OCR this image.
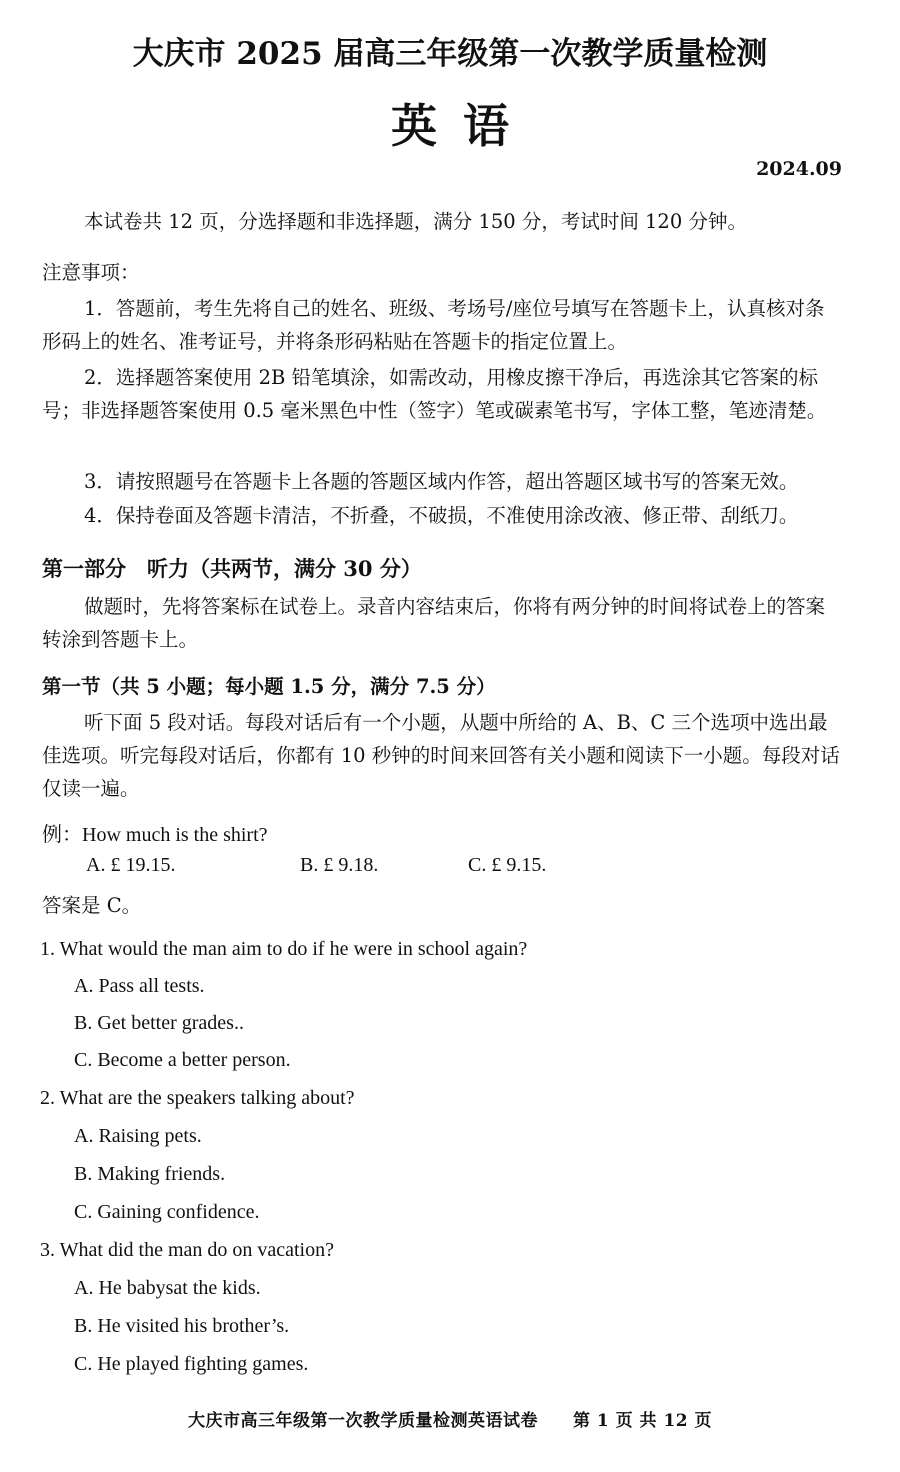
大庆市 2025 届高三年级第一次教学质量检测
英语
2024.09
本试卷共 12 页，分选择题和非选择题，满分 150 分，考试时间 120 分钟。
注意事项：
1．答题前，考生先将自己的姓名、班级、考场号/座位号填写在答题卡上，认真核对条形码上的姓名、准考证号，并将条形码粘贴在答题卡的指定位置上。
2．选择题答案使用 2B 铅笔填涂，如需改动，用橡皮擦干净后，再选涂其它答案的标号；非选择题答案使用 0.5 毫米黑色中性（签字）笔或碳素笔书写，字体工整，笔迹清楚。
3．请按照题号在答题卡上各题的答题区域内作答，超出答题区域书写的答案无效。
4．保持卷面及答题卡清洁，不折叠，不破损，不准使用涂改液、修正带、刮纸刀。
第一部分　听力（共两节，满分 30 分）
做题时，先将答案标在试卷上。录音内容结束后，你将有两分钟的时间将试卷上的答案转涂到答题卡上。
第一节（共 5 小题；每小题 1.5 分，满分 7.5 分）
听下面 5 段对话。每段对话后有一个小题，从题中所给的 A、B、C 三个选项中选出最佳选项。听完每段对话后，你都有 10 秒钟的时间来回答有关小题和阅读下一小题。每段对话仅读一遍。
例：How much is the shirt?
A. £ 19.15.	B. £ 9.18.	C. £ 9.15.
答案是 C。
1. What would the man aim to do if he were in school again?
A. Pass all tests.
B. Get better grades..
C. Become a better person.
2. What are the speakers talking about?
A. Raising pets.
B. Making friends.
C. Gaining confidence.
3. What did the man do on vacation?
A. He babysat the kids.
B. He visited his brother’s.
C. He played fighting games.
大庆市高三年级第一次教学质量检测英语试卷　　第 1 页 共 12 页
